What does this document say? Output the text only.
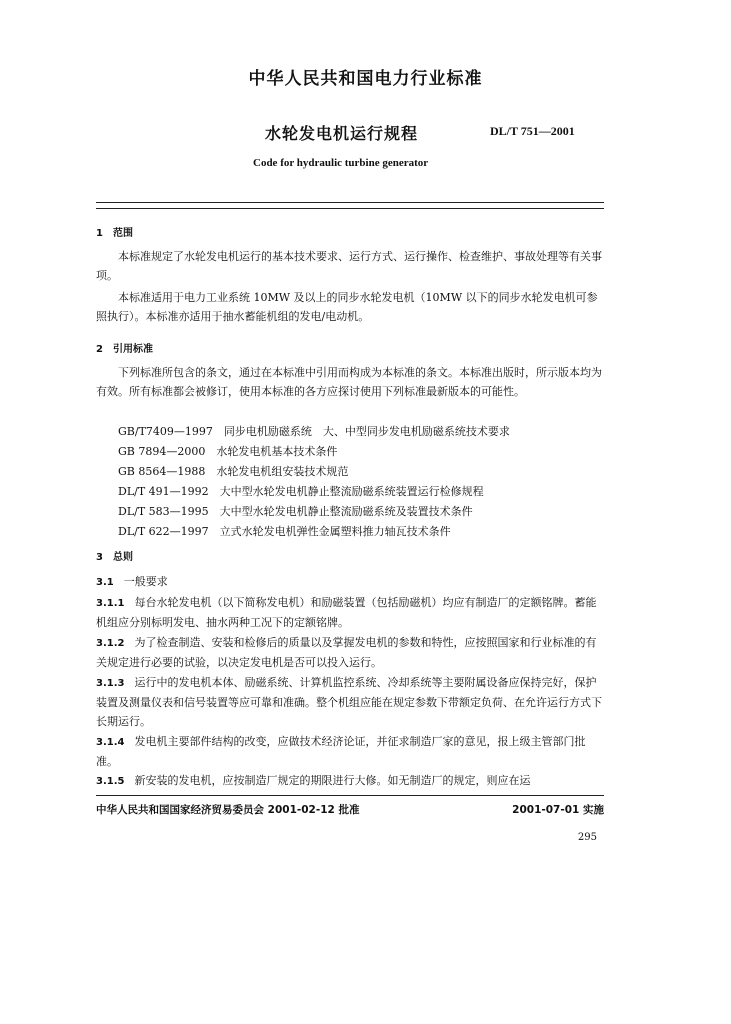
中华人民共和国电力行业标准
水轮发电机运行规程	DL/T 751—2001
Code for hydraulic turbine generator
1　范围
本标准规定了水轮发电机运行的基本技术要求、运行方式、运行操作、检查维护、事故处理等有关事项。
本标准适用于电力工业系统 10MW 及以上的同步水轮发电机（10MW 以下的同步水轮发电机可参照执行）。本标准亦适用于抽水蓄能机组的发电/电动机。
2　引用标准
下列标准所包含的条文，通过在本标准中引用而构成为本标准的条文。本标准出版时，所示版本均为有效。所有标准都会被修订，使用本标准的各方应探讨使用下列标准最新版本的可能性。
GB/T7409—1997　同步电机励磁系统　大、中型同步发电机励磁系统技术要求
GB 7894—2000　水轮发电机基本技术条件
GB 8564—1988　水轮发电机组安装技术规范
DL/T 491—1992　大中型水轮发电机静止整流励磁系统装置运行检修规程
DL/T 583—1995　大中型水轮发电机静止整流励磁系统及装置技术条件
DL/T 622—1997　立式水轮发电机弹性金属塑料推力轴瓦技术条件
3　总则
3.1 一般要求
3.1.1 每台水轮发电机（以下简称发电机）和励磁装置（包括励磁机）均应有制造厂的定额铭牌。蓄能机组应分别标明发电、抽水两种工况下的定额铭牌。
3.1.2 为了检查制造、安装和检修后的质量以及掌握发电机的参数和特性，应按照国家和行业标准的有关规定进行必要的试验，以决定发电机是否可以投入运行。
3.1.3 运行中的发电机本体、励磁系统、计算机监控系统、冷却系统等主要附属设备应保持完好，保护装置及测量仪表和信号装置等应可靠和准确。整个机组应能在规定参数下带额定负荷、在允许运行方式下长期运行。
3.1.4 发电机主要部件结构的改变，应做技术经济论证，并征求制造厂家的意见，报上级主管部门批准。
3.1.5 新安装的发电机，应按制造厂规定的期限进行大修。如无制造厂的规定，则应在运
中华人民共和国国家经济贸易委员会 2001-02-12 批准	2001-07-01 实施
295
